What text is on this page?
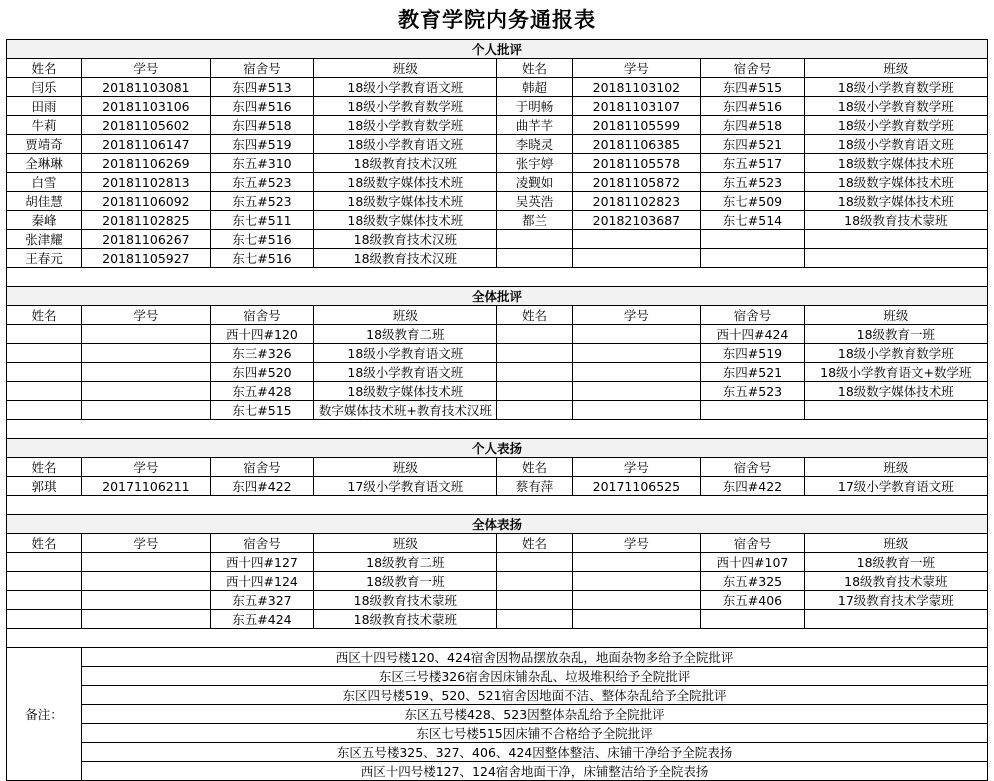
教育学院内务通报表
个人批评							
姓名	学号	宿舍号	班级	姓名	学号	宿舍号	班级
闫乐	20181103081	东四#513	18级小学教育语文班	韩超	20181103102	东四#515	18级小学教育数学班
田雨	20181103106	东四#516	18级小学教育数学班	于明畅	20181103107	东四#516	18级小学教育数学班
牛莉	20181105602	东四#518	18级小学教育数学班	曲芊芊	20181105599	东四#518	18级小学教育数学班
贾靖奇	20181106147	东四#519	18级小学教育语文班	李晓灵	20181106385	东四#521	18级小学教育语文班
全琳琳	20181106269	东五#310	18级教育技术汉班	张宇婷	20181105578	东五#517	18级数字媒体技术班
白雪	20181102813	东五#523	18级数字媒体技术班	凌觐如	20181105872	东五#523	18级数字媒体技术班
胡佳慧	20181106092	东五#523	18级数字媒体技术班	吴英浩	20181102823	东七#509	18级数字媒体技术班
秦峰	20181102825	东七#511	18级数字媒体技术班	都兰	20182103687	东七#514	18级教育技术蒙班
张津耀	20181106267	东七#516	18级教育技术汉班				
王春元	20181105927	东七#516	18级教育技术汉班				

全体批评							
姓名	学号	宿舍号	班级	姓名	学号	宿舍号	班级
		西十四#120	18级教育二班			西十四#424	18级教育一班
		东三#326	18级小学教育语文班			东四#519	18级小学教育数学班
		东四#520	18级小学教育语文班			东四#521	18级小学教育语文+数学班
		东五#428	18级数字媒体技术班			东五#523	18级数字媒体技术班
		东七#515	数字媒体技术班+教育技术汉班				

个人表扬							
姓名	学号	宿舍号	班级	姓名	学号	宿舍号	班级
郭琪	20171106211	东四#422	17级小学教育语文班	蔡有萍	20171106525	东四#422	17级小学教育语文班

全体表扬							
姓名	学号	宿舍号	班级	姓名	学号	宿舍号	班级
		西十四#127	18级教育二班			西十四#107	18级教育一班
		西十四#124	18级教育一班			东五#325	18级教育技术蒙班
		东五#327	18级教育技术蒙班			东五#406	17级教育技术学蒙班
		东五#424	18级教育技术蒙班				

备注：	西区十四号楼120、424宿舍因物品摆放杂乱，地面杂物多给予全院批评						
	东区三号楼326宿舍因床铺杂乱、垃圾堆积给予全院批评						
	东区四号楼519、520、521宿舍因地面不洁、整体杂乱给予全院批评						
	东区五号楼428、523因整体杂乱给予全院批评						
	东区七号楼515因床铺不合格给予全院批评						
	东区五号楼325、327、406、424因整体整洁、床铺干净给予全院表扬						
	西区十四号楼127、124宿舍地面干净，床铺整洁给予全院表扬						
